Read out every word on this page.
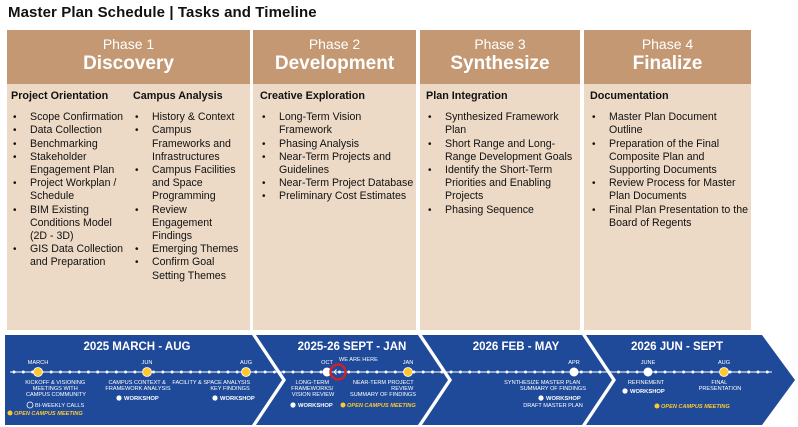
Master Plan Schedule | Tasks and Timeline
Phase 1
Discovery
Project Orientation
• Scope Confirmation
• Data Collection
• Benchmarking
• Stakeholder Engagement Plan
• Project Workplan / Schedule
• BIM Existing Conditions Model (2D - 3D)
• GIS Data Collection and Preparation
Campus Analysis
• History & Context
• Campus Frameworks and Infrastructures
• Campus Facilities and Space Programming
• Review Engagement Findings
• Emerging Themes
• Confirm Goal Setting Themes
Phase 2
Development
Creative Exploration
• Long-Term Vision Framework
• Phasing Analysis
• Near-Term Projects and Guidelines
• Near-Term Project Database
• Preliminary Cost Estimates
Phase 3
Synthesize
Plan Integration
• Synthesized Framework Plan
• Short Range and Long-Range Development Goals
• Identify the Short-Term Priorities and Enabling Projects
• Phasing Sequence
Phase 4
Finalize
Documentation
• Master Plan Document Outline
• Preparation of the Final Composite Plan and Supporting Documents
• Review Process for Master Plan Documents
• Final Plan Presentation to the Board of Regents
2025 MARCH - AUG	2025-26 SEPT - JAN	2026 FEB - MAY	2026 JUN - SEPT
MARCH	JUN	AUG	OCT	JAN	APR	JUNE	AUG
WE ARE HERE
KICKOFF & VISIONING MEETINGS WITH CAMPUS COMMUNITY
BI-WEEKLY CALLS
OPEN CAMPUS MEETING
CAMPUS CONTEXT & FRAMEWORK ANALYSIS
WORKSHOP
FACILITY & SPACE ANALYSIS KEY FINDINGS
WORKSHOP
LONG-TERM FRAMEWORKS/ VISION REVIEW
WORKSHOP
NEAR-TERM PROJECT REVIEW SUMMARY OF FINDINGS
OPEN CAMPUS MEETING
SYNTHESIZE MASTER PLAN SUMMARY OF FINDINGS
WORKSHOP
DRAFT MASTER PLAN
REFINEMENT
WORKSHOP
FINAL PRESENTATION
OPEN CAMPUS MEETING
